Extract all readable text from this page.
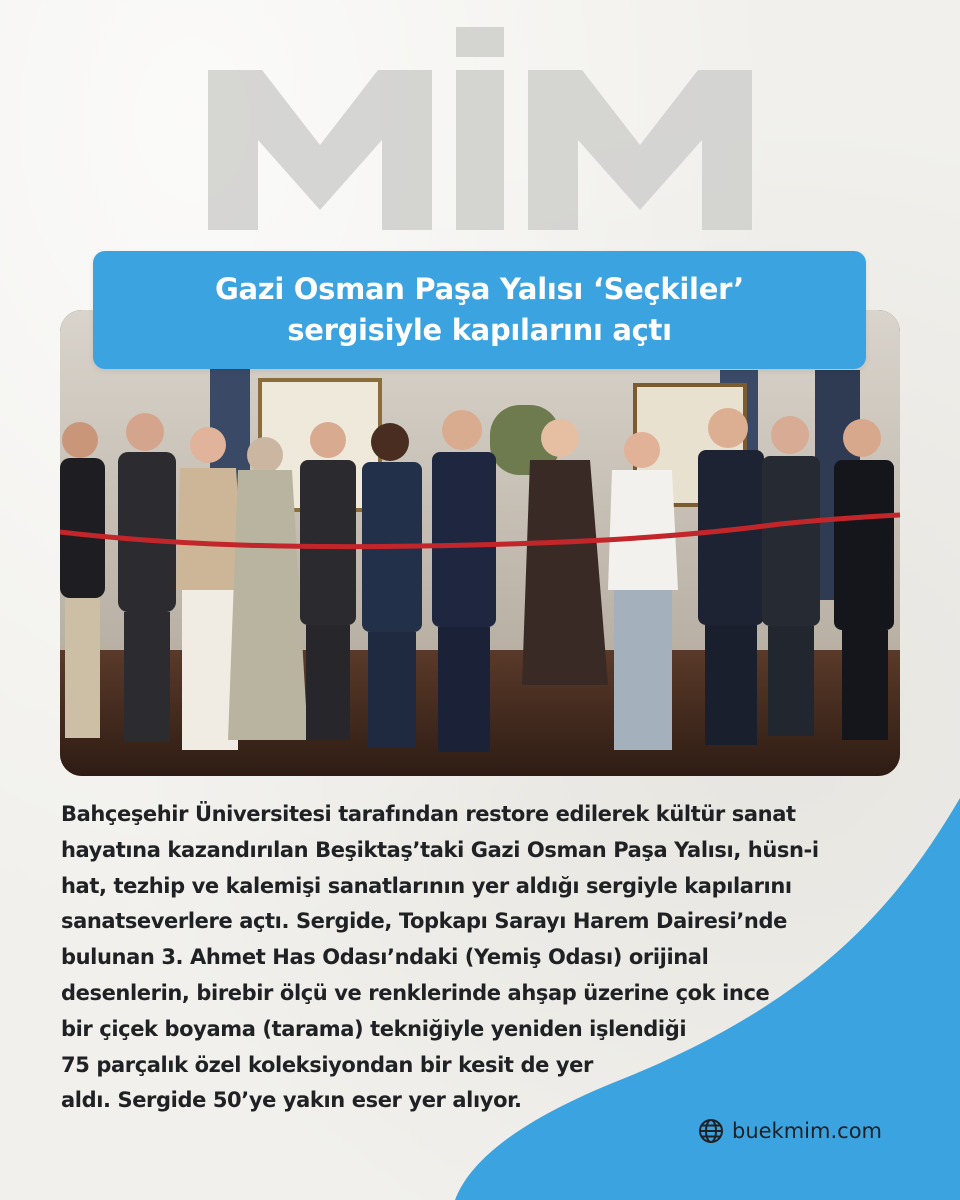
Gazi Osman Paşa Yalısı ‘Seçkiler’
sergisiyle kapılarını açtı
Bahçeşehir Üniversitesi tarafından restore edilerek kültür sanat
hayatına kazandırılan Beşiktaş’taki Gazi Osman Paşa Yalısı, hüsn-i
hat, tezhip ve kalemişi sanatlarının yer aldığı sergiyle kapılarını
sanatseverlere açtı. Sergide, Topkapı Sarayı Harem Dairesi’nde
bulunan 3. Ahmet Has Odası’ndaki (Yemiş Odası) orijinal
desenlerin, birebir ölçü ve renklerinde ahşap üzerine çok ince
bir çiçek boyama (tarama) tekniğiyle yeniden işlendiği
75 parçalık özel koleksiyondan bir kesit de yer
aldı. Sergide 50’ye yakın eser yer alıyor.
buekmim.com
